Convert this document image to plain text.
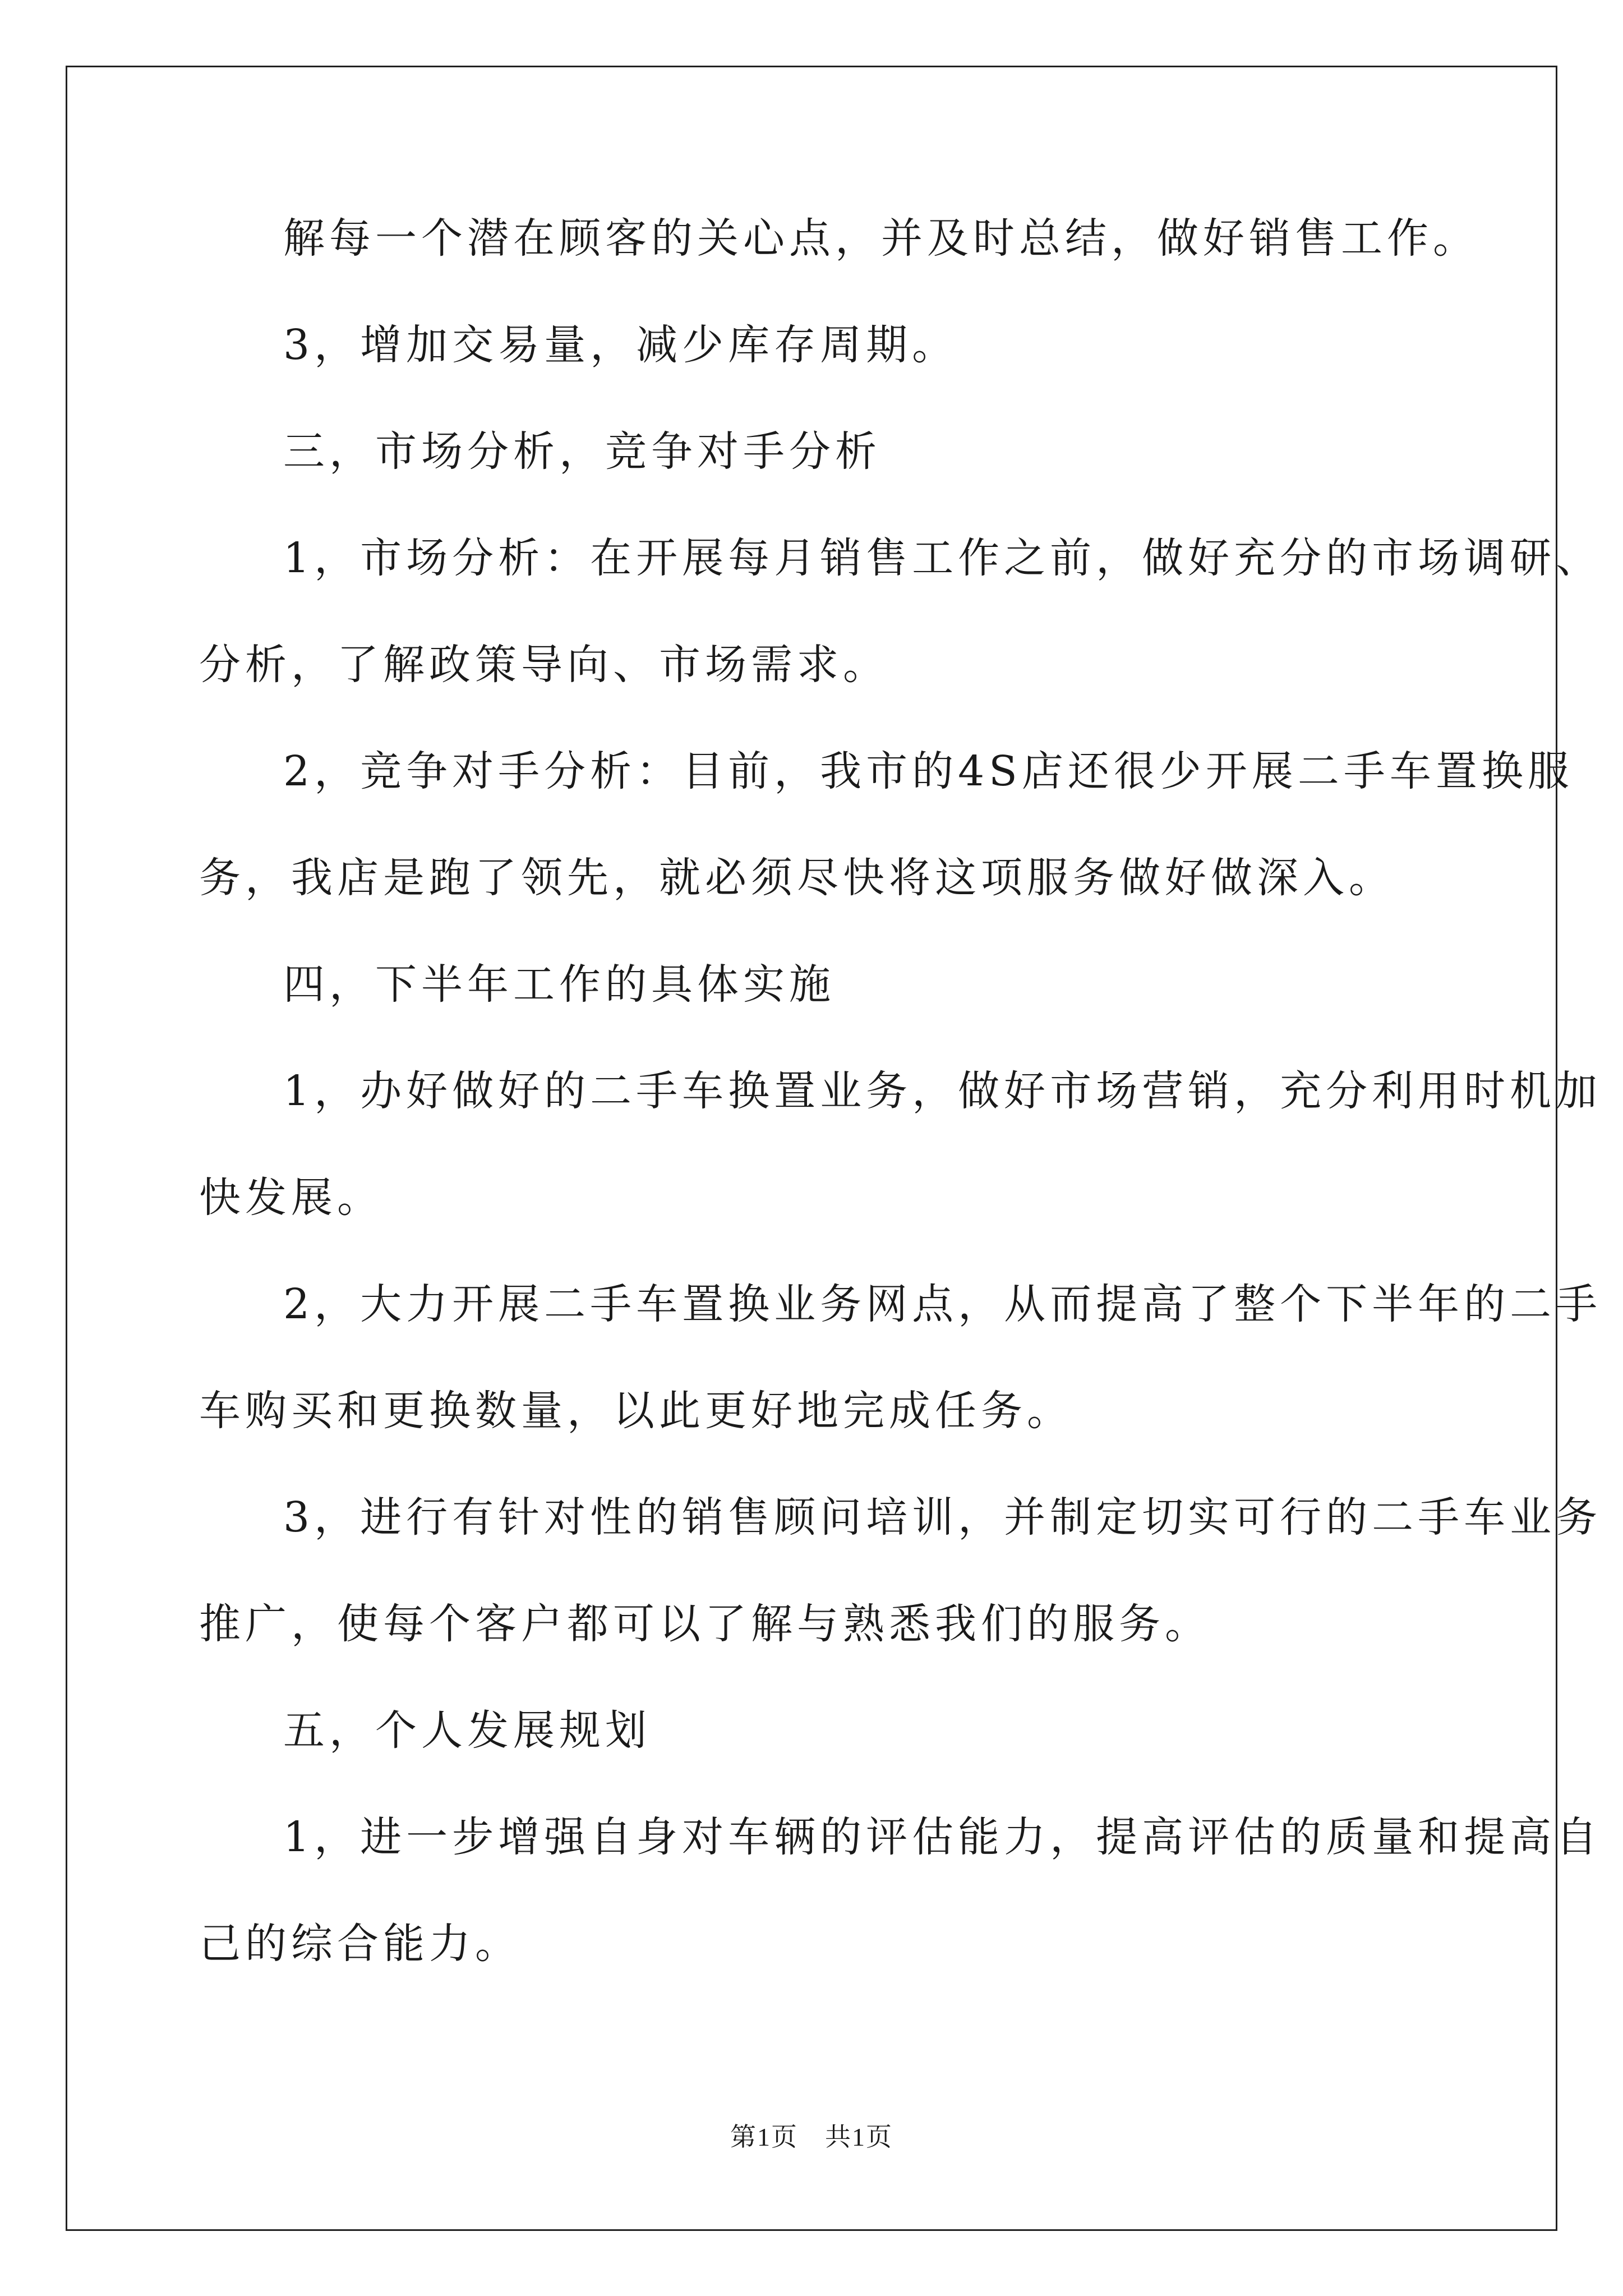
解每一个潜在顾客的关心点，并及时总结，做好销售工作。
3，增加交易量，减少库存周期。
三，市场分析，竞争对手分析
1，市场分析：在开展每月销售工作之前，做好充分的市场调研、
分析，了解政策导向、市场需求。
2，竞争对手分析：目前，我市的4S店还很少开展二手车置换服
务，我店是跑了领先，就必须尽快将这项服务做好做深入。
四，下半年工作的具体实施
1，办好做好的二手车换置业务，做好市场营销，充分利用时机加
快发展。
2，大力开展二手车置换业务网点，从而提高了整个下半年的二手
车购买和更换数量，以此更好地完成任务。
3，进行有针对性的销售顾问培训，并制定切实可行的二手车业务
推广，使每个客户都可以了解与熟悉我们的服务。
五，个人发展规划
1，进一步增强自身对车辆的评估能力，提高评估的质量和提高自
己的综合能力。
第1页　共1页
